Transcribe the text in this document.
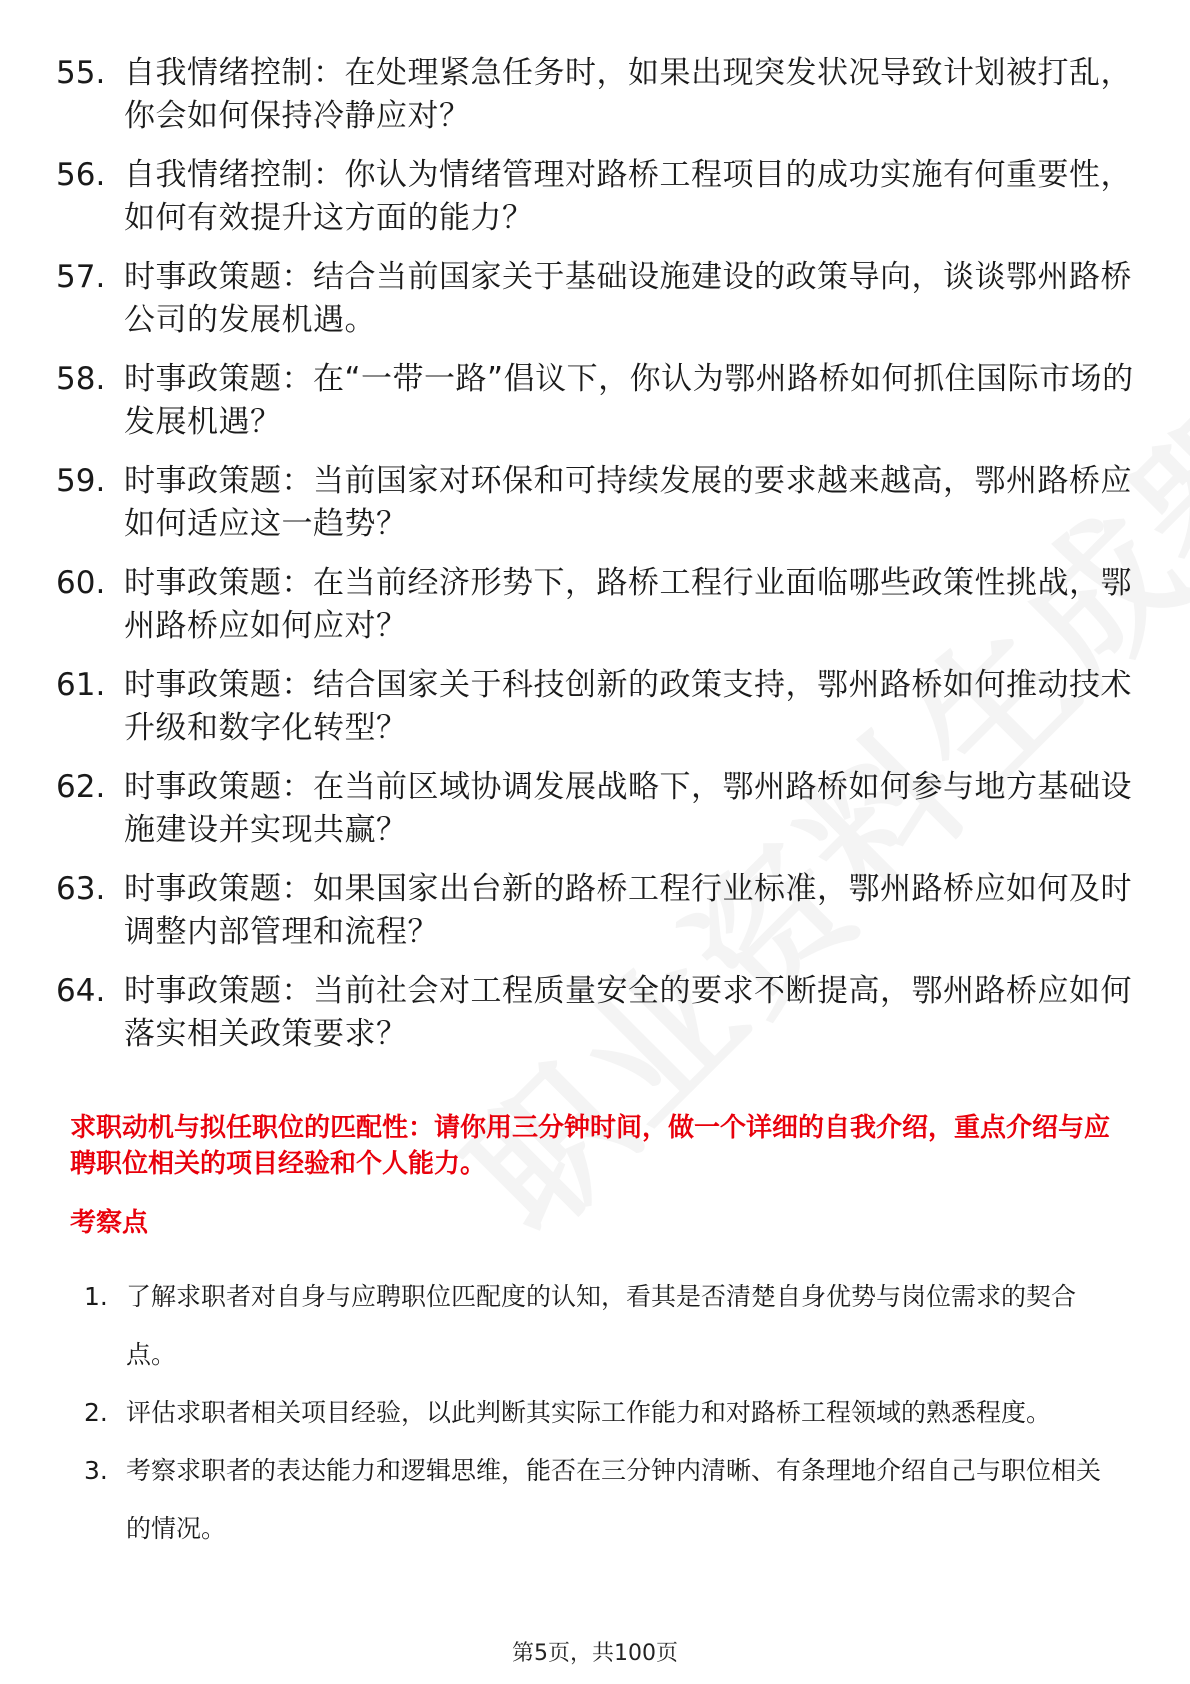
55. 自我情绪控制：在处理紧急任务时，如果出现突发状况导致计划被打乱，你会如何保持冷静应对？
56. 自我情绪控制：你认为情绪管理对路桥工程项目的成功实施有何重要性，如何有效提升这方面的能力？
57. 时事政策题：结合当前国家关于基础设施建设的政策导向，谈谈鄂州路桥公司的发展机遇。
58. 时事政策题：在“一带一路”倡议下，你认为鄂州路桥如何抓住国际市场的发展机遇？
59. 时事政策题：当前国家对环保和可持续发展的要求越来越高，鄂州路桥应如何适应这一趋势？
60. 时事政策题：在当前经济形势下，路桥工程行业面临哪些政策性挑战，鄂州路桥应如何应对？
61. 时事政策题：结合国家关于科技创新的政策支持，鄂州路桥如何推动技术升级和数字化转型？
62. 时事政策题：在当前区域协调发展战略下，鄂州路桥如何参与地方基础设施建设并实现共赢？
63. 时事政策题：如果国家出台新的路桥工程行业标准，鄂州路桥应如何及时调整内部管理和流程？
64. 时事政策题：当前社会对工程质量安全的要求不断提高，鄂州路桥应如何落实相关政策要求？

求职动机与拟任职位的匹配性：请你用三分钟时间，做一个详细的自我介绍，重点介绍与应聘职位相关的项目经验和个人能力。

考察点

1. 了解求职者对自身与应聘职位匹配度的认知，看其是否清楚自身优势与岗位需求的契合点。
2. 评估求职者相关项目经验，以此判断其实际工作能力和对路桥工程领域的熟悉程度。
3. 考察求职者的表达能力和逻辑思维，能否在三分钟内清晰、有条理地介绍自己与职位相关的情况。
第5页，共100页
